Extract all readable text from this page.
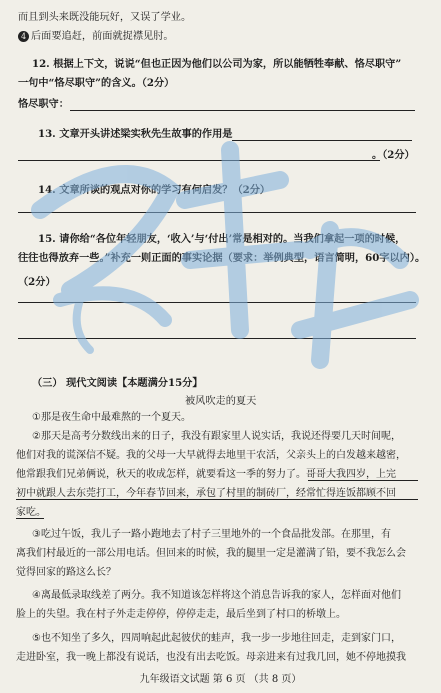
而且到头来既没能玩好，又误了学业。
4 后面要追赶，前面就捉襟见肘。
12. 根据上下文，说说“但也正因为他们以公司为家，所以能牺牲奉献、恪尽职守”
一句中“恪尽职守”的含义。（2分）
恪尽职守：
13. 文章开头讲述梁实秋先生故事的作用是
。（2分）
14. 文章所谈的观点对你的学习有何启发？（2分）
15. 请你给“各位年轻朋友，‘收入’与‘付出’常是相对的。当我们拿起一项的时候，
往往也得放弃一些。”补充一则正面的事实论据（要求：举例典型，语言简明，60字以内）。
（2分）
（三） 现代文阅读【本题满分15分】
被风吹走的夏天
①那是夜生命中最难熬的一个夏天。
②那天是高考分数线出来的日子，我没有跟家里人说实话，我说还得要几天时间呢，
他们对我的谎深信不疑。我的父母一大早就得去地里干农活，父亲头上的白发越来越密，
他常跟我们兄弟俩说，秋天的收成怎样，就要看这一季的努力了。哥哥大我四岁，上完
初中就跟人去东莞打工，今年春节回来，承包了村里的制砖厂，经常忙得连饭都顾不回
家吃。
③吃过午饭，我儿子一路小跑地去了村子三里地外的一个食品批发部。在那里，有
离我们村最近的一部公用电话。但回来的时候，我的腿里一定是灌满了铅，要不我怎么会
觉得回家的路这么长？
④离最低录取线差了两分。我不知道该怎样将这个消息告诉我的家人，怎样面对他们
脸上的失望。我在村子外走走停停，停停走走，最后坐到了村口的桥墩上。
⑤也不知坐了多久，四周响起此起彼伏的蛙声，我一步一步地往回走，走到家门口，
走进卧室，我一晚上都没有说话，也没有出去吃饭。母亲进来有过我几回，她不停地摸我
九年级语文试题 第 6 页 （共 8 页）
